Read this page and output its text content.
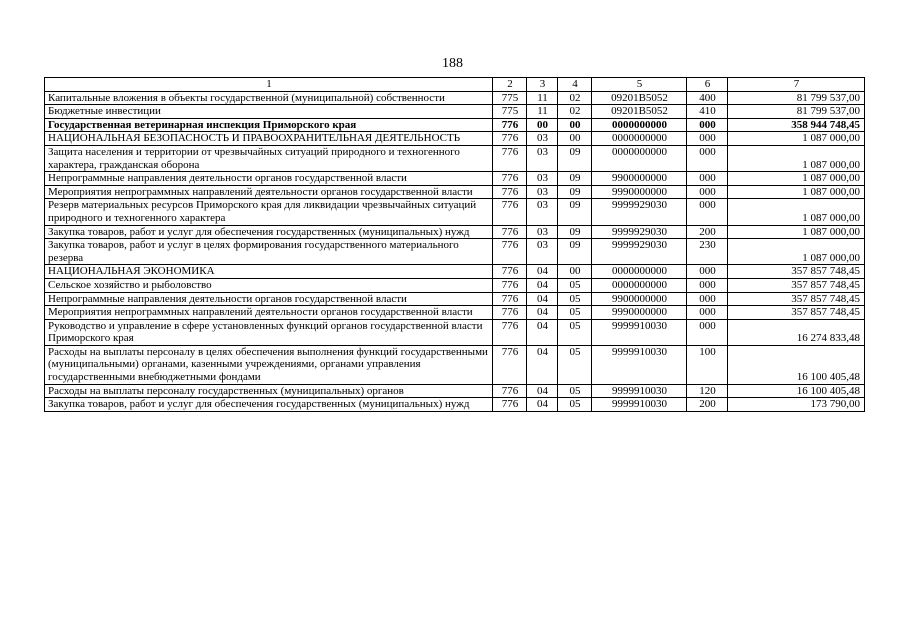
188
1	2	3	4	5	6	7
Капитальные вложения в объекты государственной (муниципальной) собственности	775	11	02	09201B5052	400	81 799 537,00
Бюджетные инвестиции	775	11	02	09201B5052	410	81 799 537,00
Государственная ветеринарная инспекция Приморского края	776	00	00	0000000000	000	358 944 748,45
НАЦИОНАЛЬНАЯ БЕЗОПАСНОСТЬ И ПРАВООХРАНИТЕЛЬНАЯ ДЕЯТЕЛЬНОСТЬ	776	03	00	0000000000	000	1 087 000,00
Защита населения и территории от чрезвычайных ситуаций природного и техногенного характера, гражданская оборона	776	03	09	0000000000	000	1 087 000,00
Непрограммные направления деятельности органов государственной власти	776	03	09	9900000000	000	1 087 000,00
Мероприятия непрограммных направлений деятельности органов государственной власти	776	03	09	9990000000	000	1 087 000,00
Резерв материальных ресурсов Приморского края для ликвидации чрезвычайных ситуаций природного и техногенного характера	776	03	09	9999929030	000	1 087 000,00
Закупка товаров, работ и услуг для обеспечения государственных (муниципальных) нужд	776	03	09	9999929030	200	1 087 000,00
Закупка товаров, работ и услуг в целях формирования государственного материального резерва	776	03	09	9999929030	230	1 087 000,00
НАЦИОНАЛЬНАЯ ЭКОНОМИКА	776	04	00	0000000000	000	357 857 748,45
Сельское хозяйство и рыболовство	776	04	05	0000000000	000	357 857 748,45
Непрограммные направления деятельности органов государственной власти	776	04	05	9900000000	000	357 857 748,45
Мероприятия непрограммных направлений деятельности органов государственной власти	776	04	05	9990000000	000	357 857 748,45
Руководство и управление в сфере установленных функций органов государственной власти Приморского края	776	04	05	9999910030	000	16 274 833,48
Расходы на выплаты персоналу в целях обеспечения выполнения функций государственными (муниципальными) органами, казенными учреждениями, органами управления государственными внебюджетными фондами	776	04	05	9999910030	100	16 100 405,48
Расходы на выплаты персоналу государственных (муниципальных) органов	776	04	05	9999910030	120	16 100 405,48
Закупка товаров, работ и услуг для обеспечения государственных (муниципальных) нужд	776	04	05	9999910030	200	173 790,00
